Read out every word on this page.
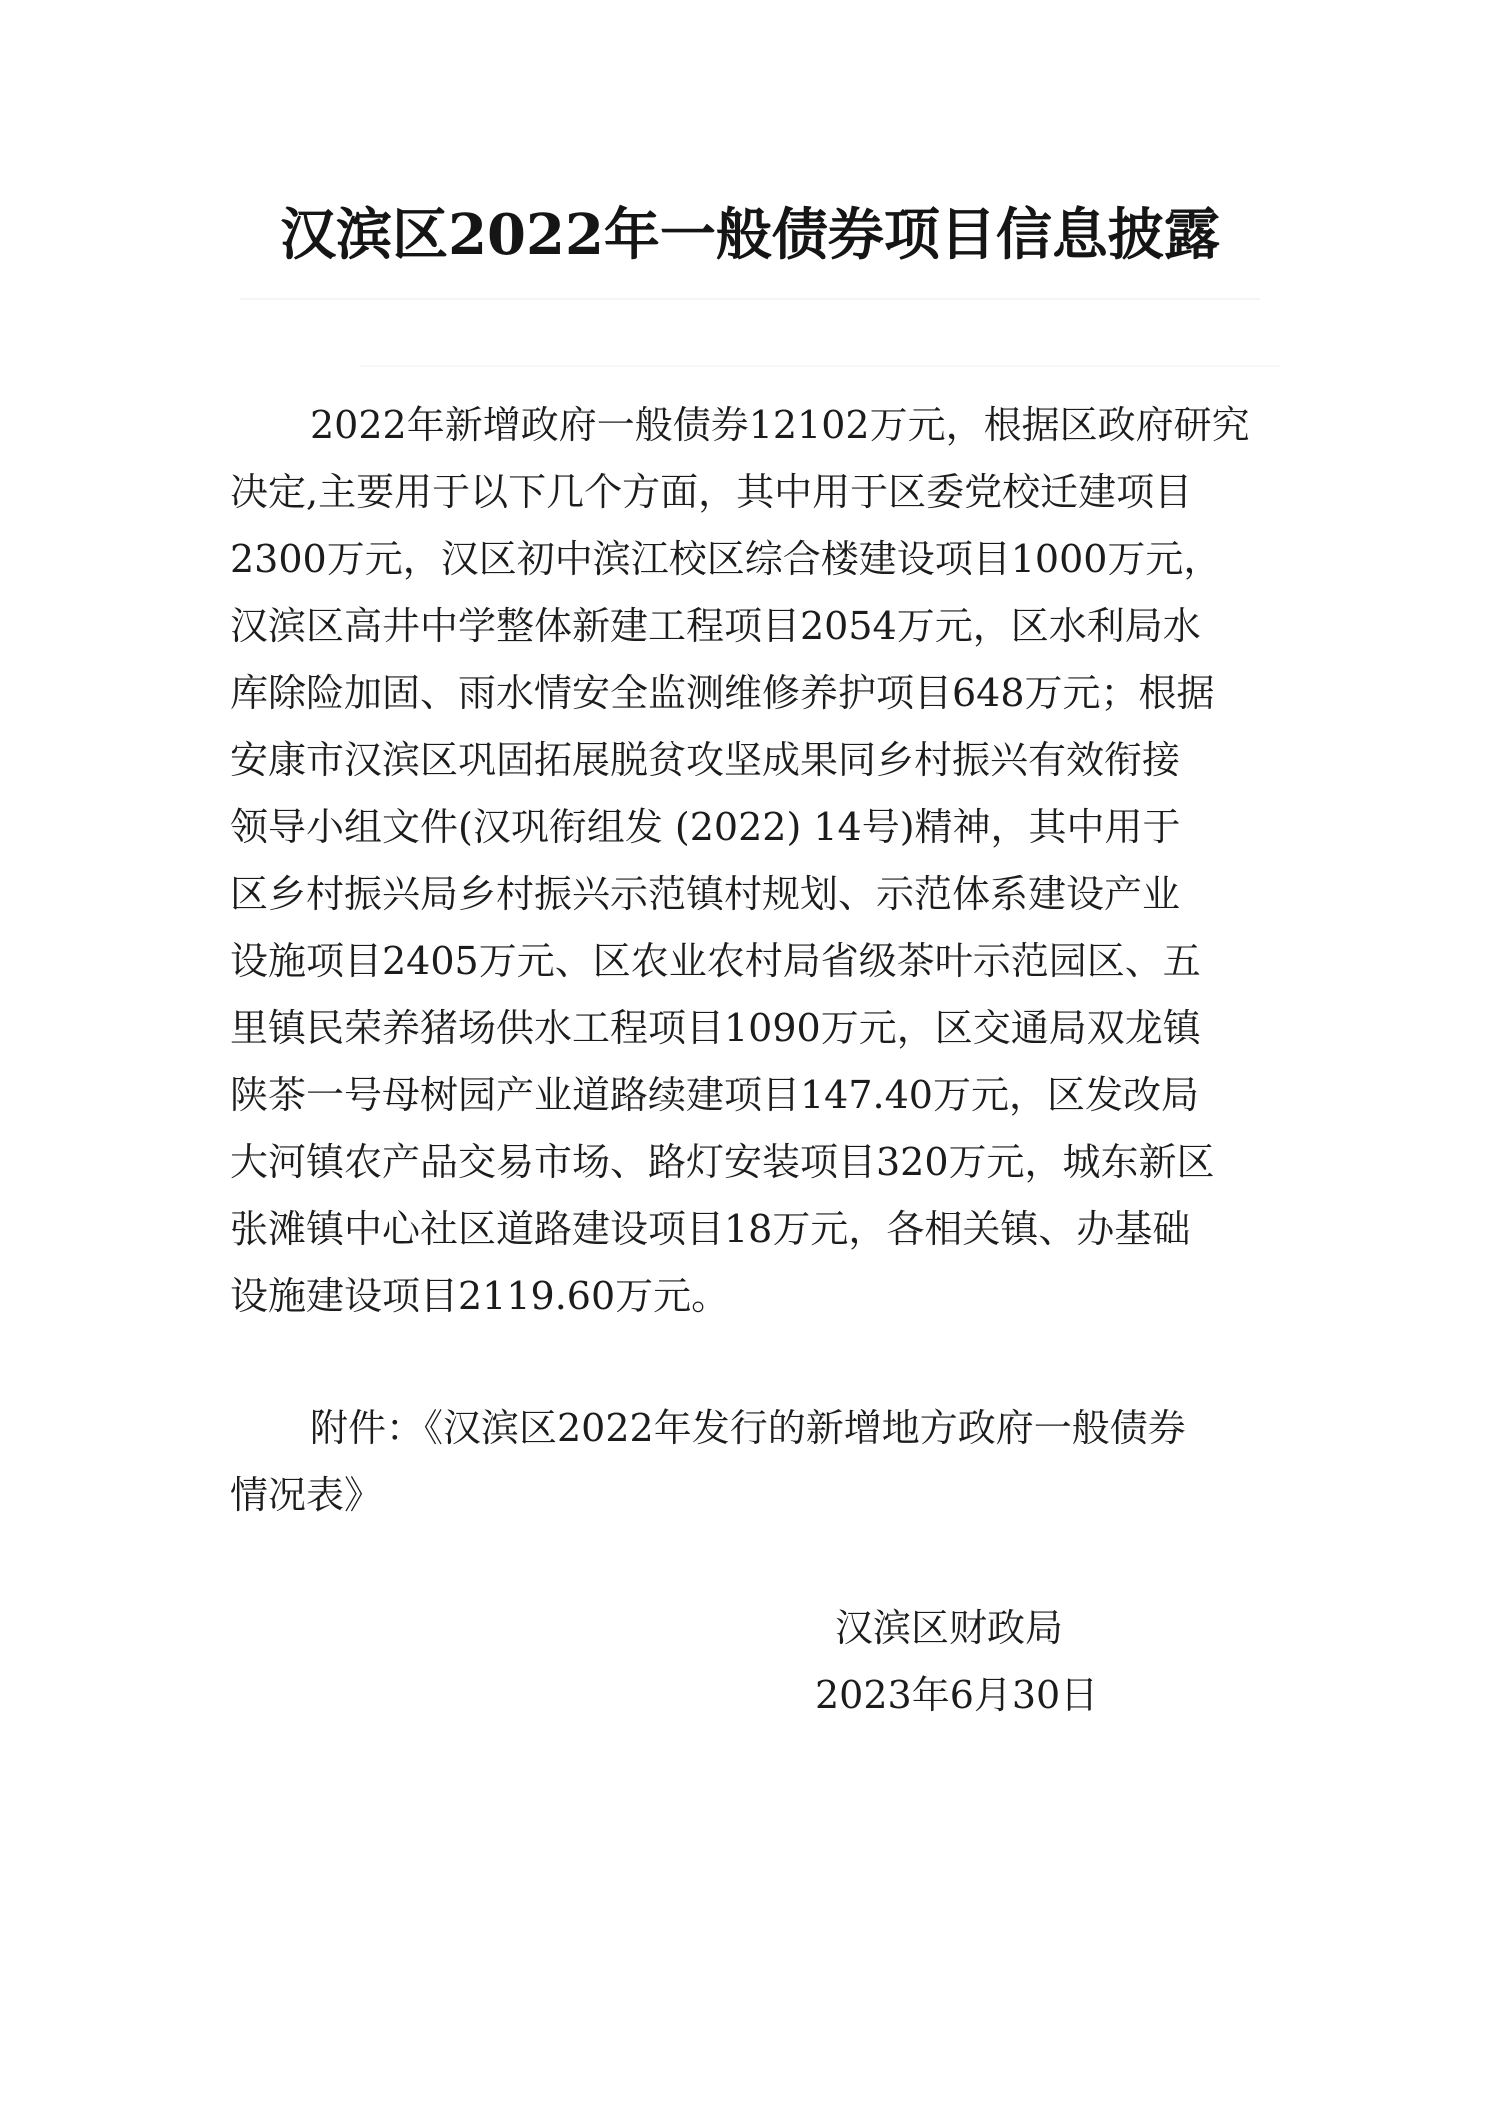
汉滨区2022年一般债券项目信息披露
2022年新增政府一般债券12102万元，根据区政府研究
决定,主要用于以下几个方面，其中用于区委党校迁建项目
2300万元，汉区初中滨江校区综合楼建设项目1000万元，
汉滨区高井中学整体新建工程项目2054万元，区水利局水
库除险加固、雨水情安全监测维修养护项目648万元；根据
安康市汉滨区巩固拓展脱贫攻坚成果同乡村振兴有效衔接
领导小组文件(汉巩衔组发 (2022) 14号)精神，其中用于
区乡村振兴局乡村振兴示范镇村规划、示范体系建设产业
设施项目2405万元、区农业农村局省级茶叶示范园区、五
里镇民荣养猪场供水工程项目1090万元，区交通局双龙镇
陕茶一号母树园产业道路续建项目147.40万元，区发改局
大河镇农产品交易市场、路灯安装项目320万元，城东新区
张滩镇中心社区道路建设项目18万元，各相关镇、办基础
设施建设项目2119.60万元。
附件：《汉滨区2022年发行的新增地方政府一般债券
情况表》
汉滨区财政局
2023年6月30日
